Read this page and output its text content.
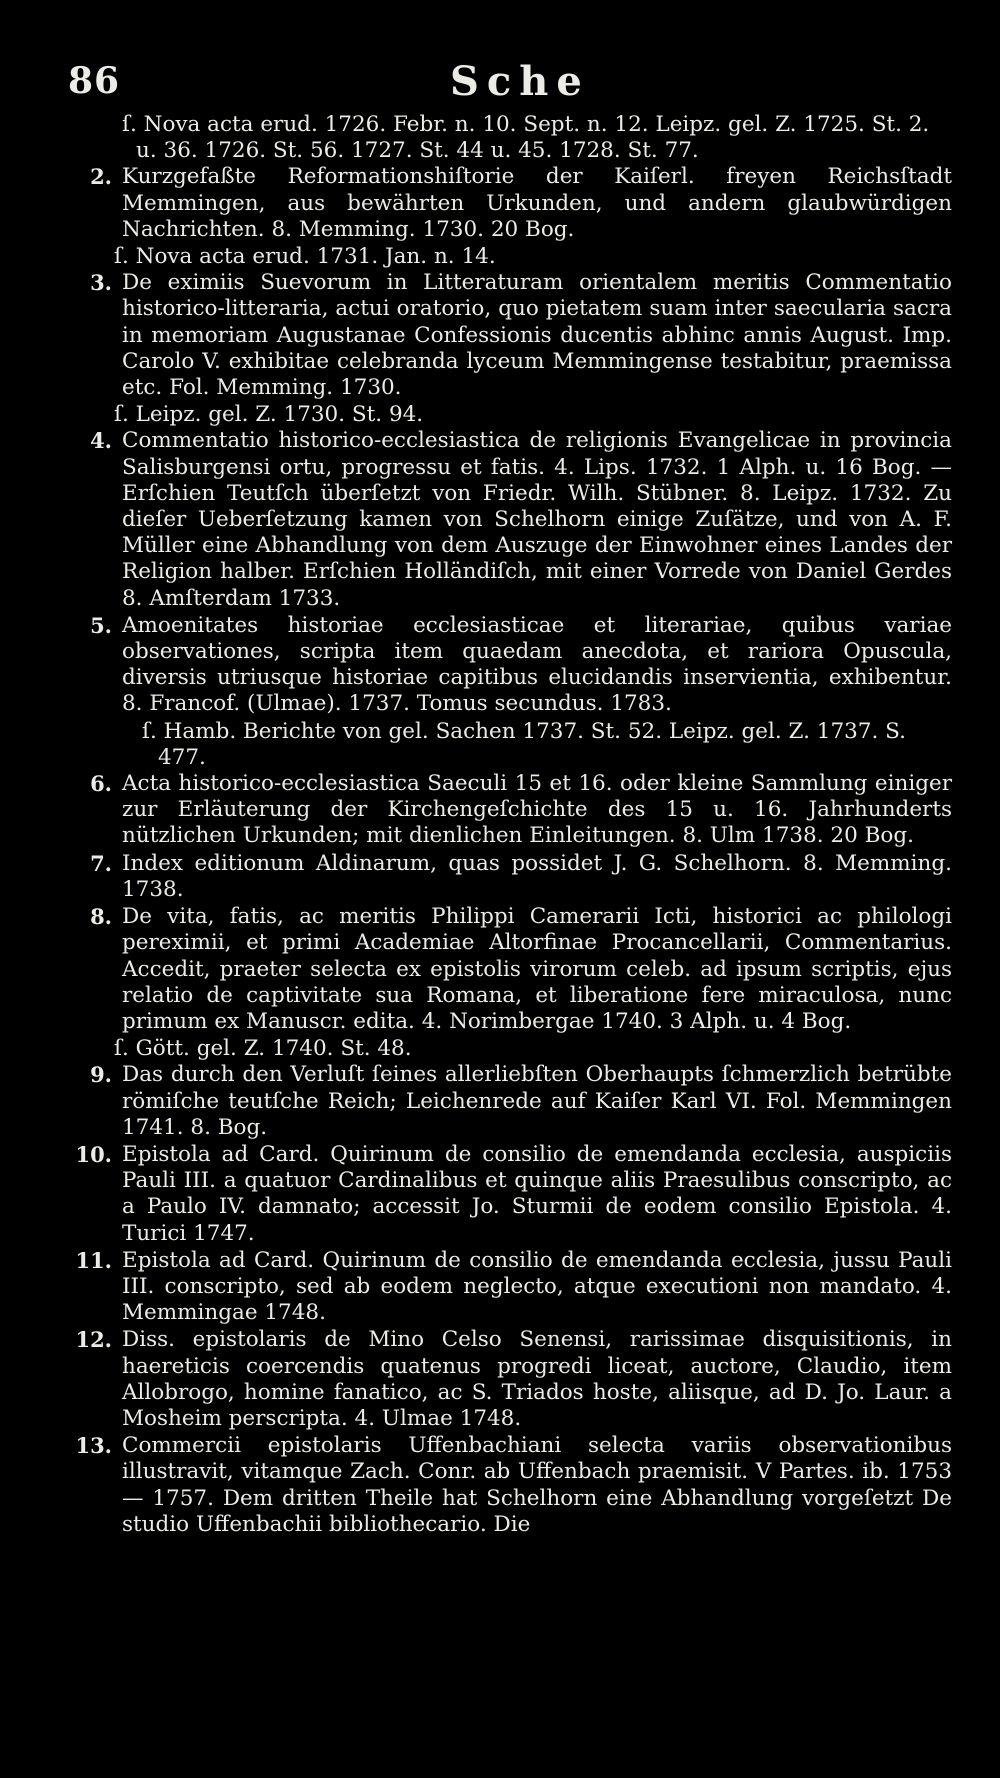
86	Sche
ſ. Nova acta erud. 1726. Febr. n. 10. Sept. n. 12. Leipz. gel. Z. 1725. St. 2. u. 36. 1726. St. 56. 1727. St. 44 u. 45. 1728. St. 77.
2. Kurzgefaßte Reformationshiſtorie der Kaiſerl. freyen Reichsſtadt Memmingen, aus bewährten Urkunden, und andern glaubwürdigen Nachrichten. 8. Memming. 1730. 20 Bog.
ſ. Nova acta erud. 1731. Jan. n. 14.
3. De eximiis Suevorum in Litteraturam orientalem meritis Commentatio historico-litteraria, actui oratorio, quo pietatem suam inter saecularia sacra in memoriam Augustanae Confessionis ducentis abhinc annis August. Imp. Carolo V. exhibitae celebranda lyceum Memmingense testabitur, praemissa etc. Fol. Memming. 1730.
ſ. Leipz. gel. Z. 1730. St. 94.
4. Commentatio historico-ecclesiastica de religionis Evangelicae in provincia Salisburgensi ortu, progressu et fatis. 4. Lips. 1732. 1 Alph. u. 16 Bog. — Erſchien Teutſch überſetzt von Friedr. Wilh. Stübner. 8. Leipz. 1732. Zu dieſer Ueberſetzung kamen von Schelhorn einige Zuſätze, und von A. F. Müller eine Abhandlung von dem Auszuge der Einwohner eines Landes der Religion halber. Erſchien Holländiſch, mit einer Vorrede von Daniel Gerdes 8. Amſterdam 1733.
5. Amoenitates historiae ecclesiasticae et literariae, quibus variae observationes, scripta item quaedam anecdota, et rariora Opuscula, diversis utriusque historiae capitibus elucidandis inservientia, exhibentur. 8. Francof. (Ulmae). 1737. Tomus secundus. 1783.
ſ. Hamb. Berichte von gel. Sachen 1737. St. 52. Leipz. gel. Z. 1737. S. 477.
6. Acta historico-ecclesiastica Saeculi 15 et 16. oder kleine Sammlung einiger zur Erläuterung der Kirchengeſchichte des 15 u. 16. Jahrhunderts nützlichen Urkunden; mit dienlichen Einleitungen. 8. Ulm 1738. 20 Bog.
7. Index editionum Aldinarum, quas possidet J. G. Schelhorn. 8. Memming. 1738.
8. De vita, fatis, ac meritis Philippi Camerarii Icti, historici ac philologi pereximii, et primi Academiae Altorfinae Procancellarii, Commentarius. Accedit, praeter selecta ex epistolis virorum celeb. ad ipsum scriptis, ejus relatio de captivitate sua Romana, et liberatione fere miraculosa, nunc primum ex Manuscr. edita. 4. Norimbergae 1740. 3 Alph. u. 4 Bog.
ſ. Gött. gel. Z. 1740. St. 48.
9. Das durch den Verluſt ſeines allerliebſten Oberhaupts ſchmerzlich betrübte römiſche teutſche Reich; Leichenrede auf Kaiſer Karl VI. Fol. Memmingen 1741. 8. Bog.
10. Epistola ad Card. Quirinum de consilio de emendanda ecclesia, auspiciis Pauli III. a quatuor Cardinalibus et quinque aliis Praesulibus conscripto, ac a Paulo IV. damnato; accessit Jo. Sturmii de eodem consilio Epistola. 4. Turici 1747.
11. Epistola ad Card. Quirinum de consilio de emendanda ecclesia, jussu Pauli III. conscripto, sed ab eodem neglecto, atque executioni non mandato. 4. Memmingae 1748.
12. Diss. epistolaris de Mino Celso Senensi, rarissimae disquisitionis, in haereticis coercendis quatenus progredi liceat, auctore, Claudio, item Allobrogo, homine fanatico, ac S. Triados hoste, aliisque, ad D. Jo. Laur. a Mosheim perscripta. 4. Ulmae 1748.
13. Commercii epistolaris Uffenbachiani selecta variis observationibus illustravit, vitamque Zach. Conr. ab Uffenbach praemisit. V Partes. ib. 1753 — 1757. Dem dritten Theile hat Schelhorn eine Abhandlung vorgeſetzt De studio Uffenbachii bibliothecario. Die
